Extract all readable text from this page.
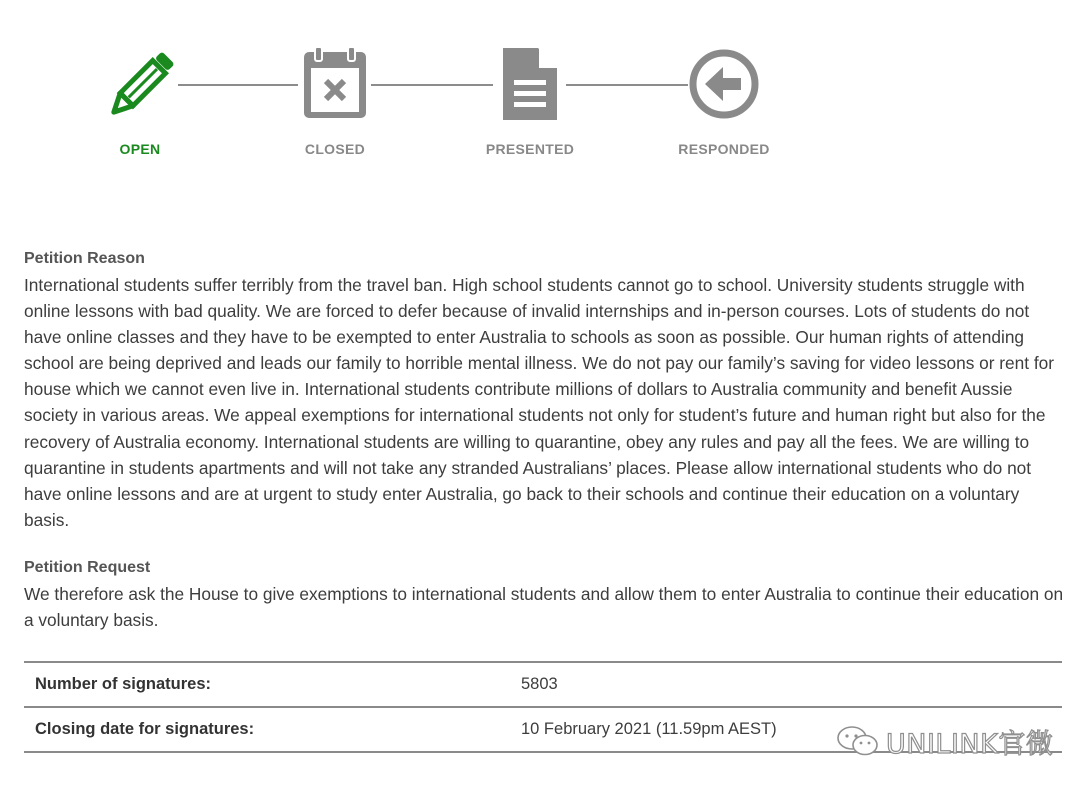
OPEN	CLOSED	PRESENTED	RESPONDED
Petition Reason
International students suffer terribly from the travel ban. High school students cannot go to school. University students struggle with online lessons with bad quality. We are forced to defer because of invalid internships and in-person courses. Lots of students do not have online classes and they have to be exempted to enter Australia to schools as soon as possible. Our human rights of attending school are being deprived and leads our family to horrible mental illness. We do not pay our family’s saving for video lessons or rent for house which we cannot even live in. International students contribute millions of dollars to Australia community and benefit Aussie society in various areas. We appeal exemptions for international students not only for student’s future and human right but also for the recovery of Australia economy. International students are willing to quarantine, obey any rules and pay all the fees. We are willing to quarantine in students apartments and will not take any stranded Australians’ places. Please allow international students who do not have online lessons and are at urgent to study enter Australia, go back to their schools and continue their education on a voluntary basis.
Petition Request
We therefore ask the House to give exemptions to international students and allow them to enter Australia to continue their education on a voluntary basis.
Number of signatures:	5803
Closing date for signatures:	10 February 2021 (11.59pm AEST)	UNILINK官微
